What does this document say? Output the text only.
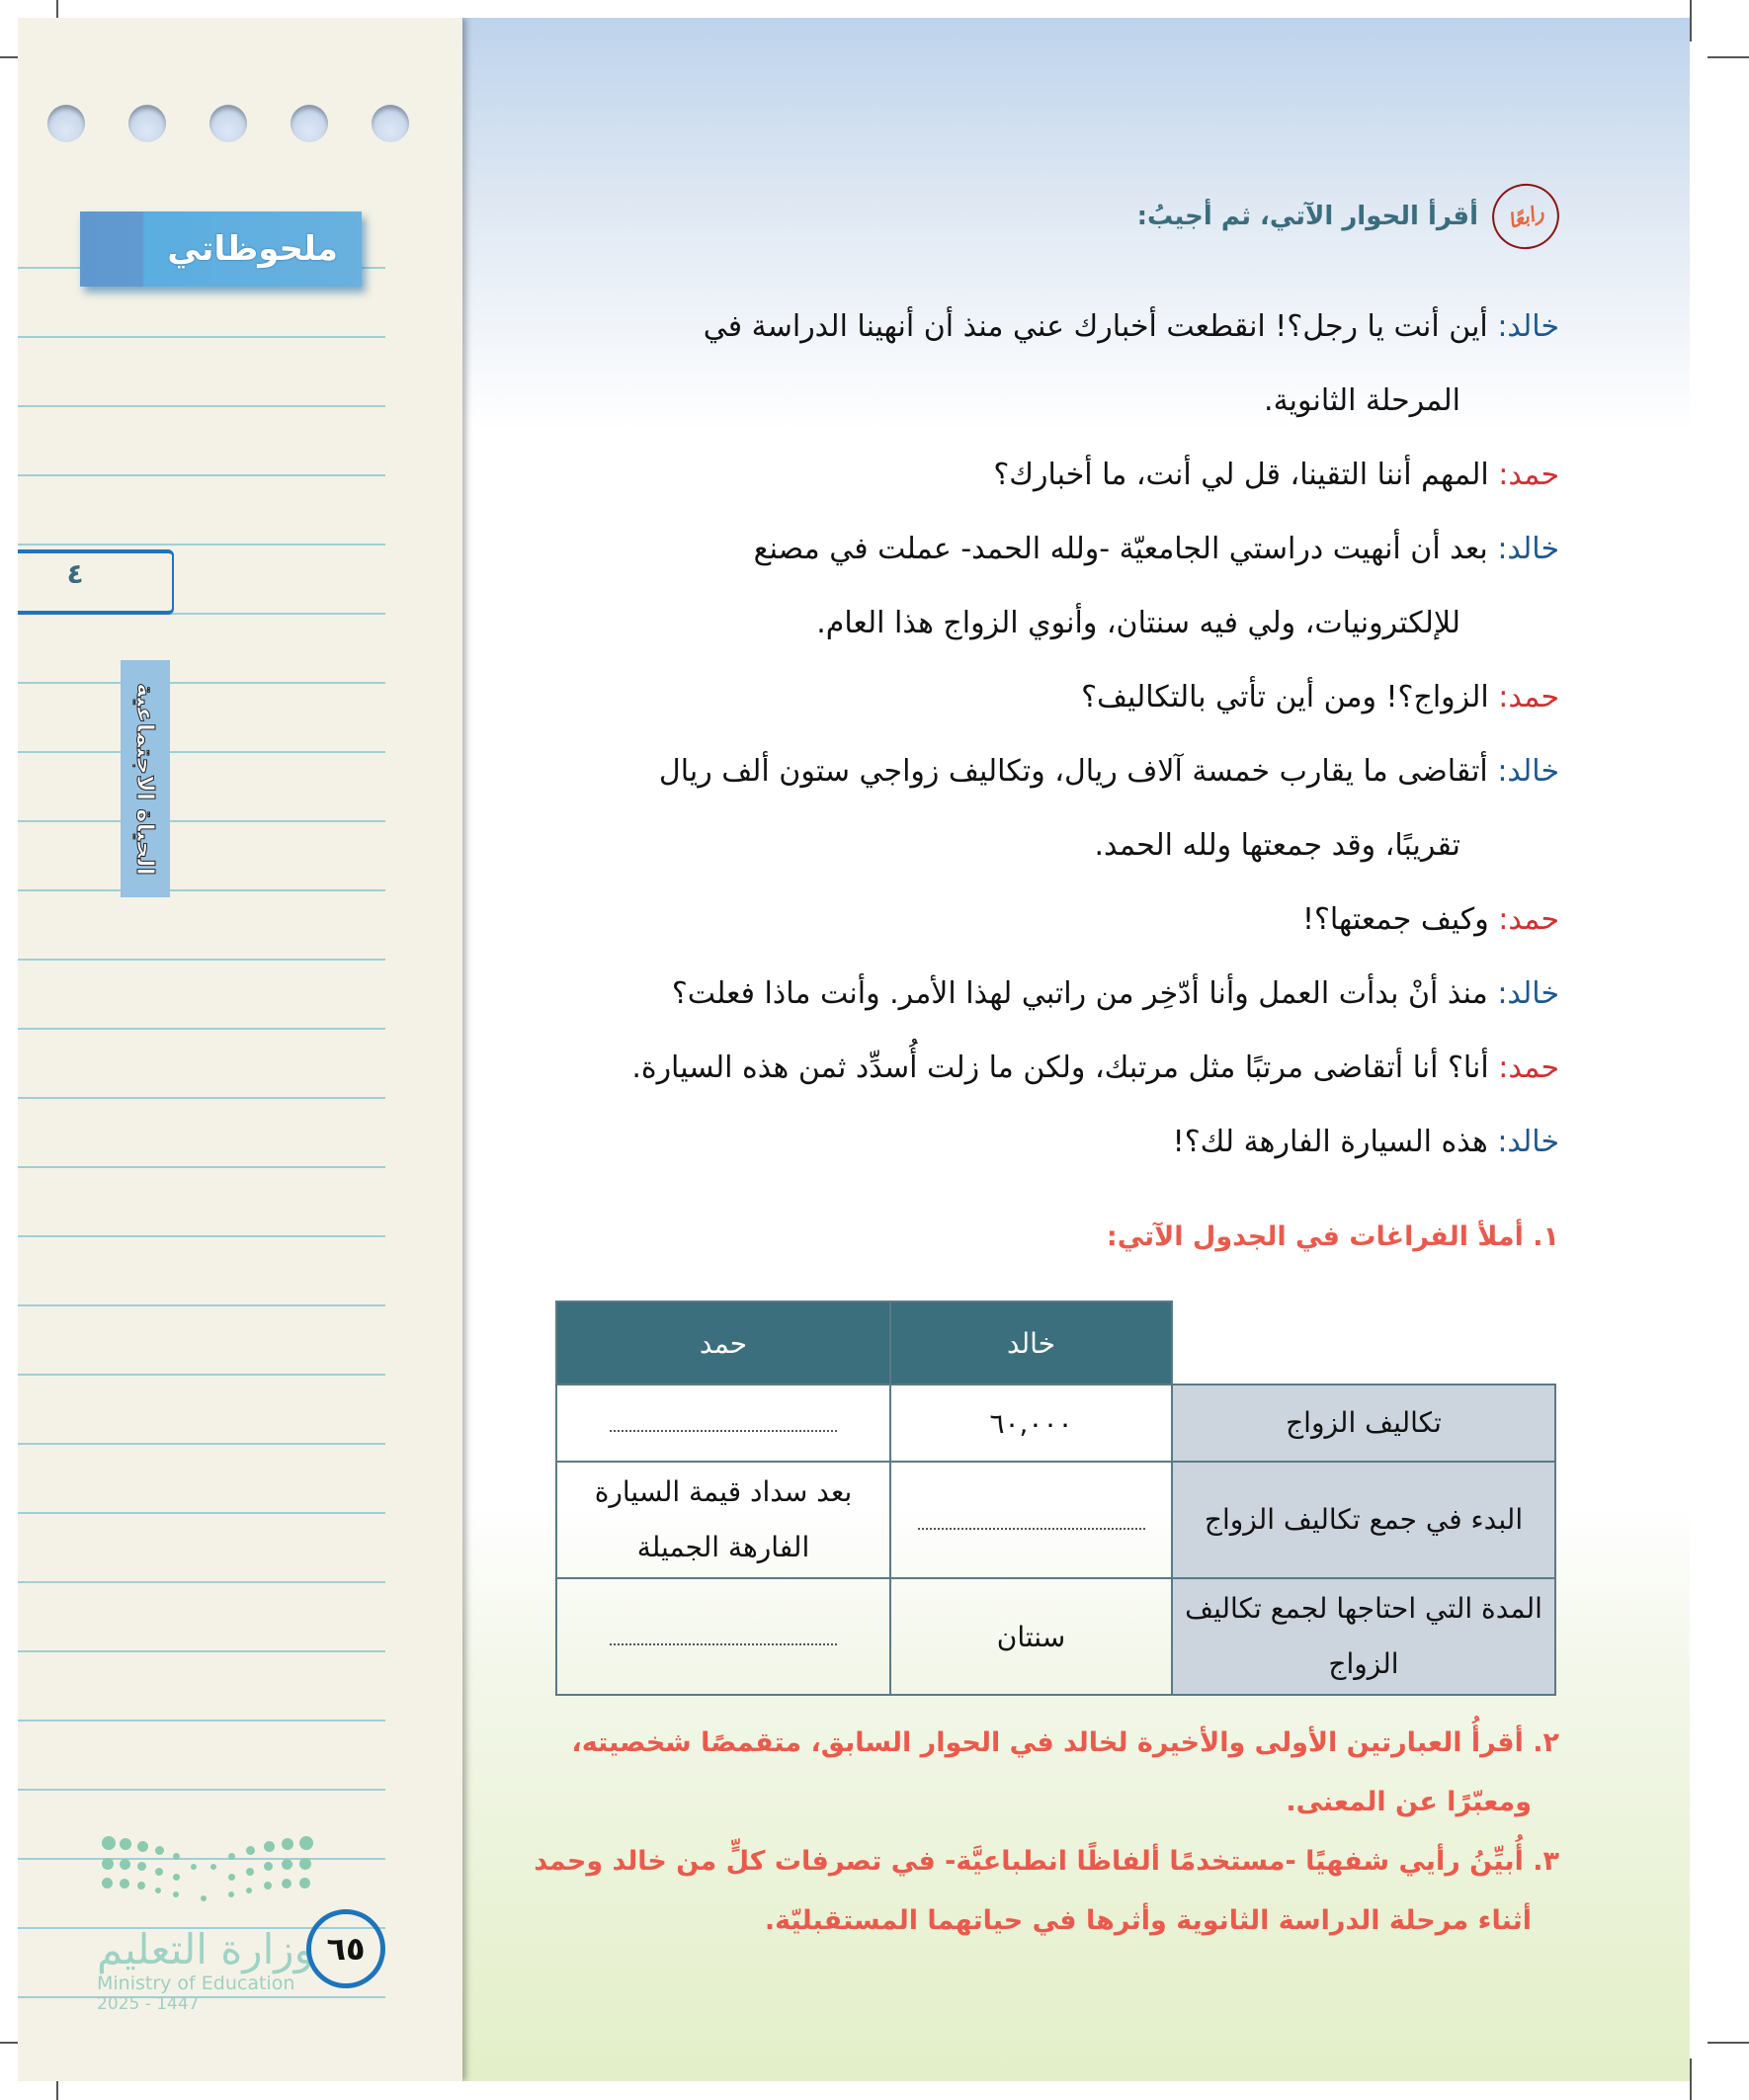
ملحوظاتي
٤
الحياة الاجتماعية
وزارة التعليم
Ministry of Education
2025 - 1447
٦٥
رابعًا
أقرأ الحوار الآتي، ثم أجيبُ:
خالد: أين أنت يا رجل؟! انقطعت أخبارك عني منذ أن أنهينا الدراسة في
المرحلة الثانوية.
حمد: المهم أننا التقينا، قل لي أنت، ما أخبارك؟
خالد: بعد أن أنهيت دراستي الجامعيّة -ولله الحمد- عملت في مصنع
للإلكترونيات، ولي فيه سنتان، وأنوي الزواج هذا العام.
حمد: الزواج؟! ومن أين تأتي بالتكاليف؟
خالد: أتقاضى ما يقارب خمسة آلاف ريال، وتكاليف زواجي ستون ألف ريال
تقريبًا، وقد جمعتها ولله الحمد.
حمد: وكيف جمعتها؟!
خالد: منذ أنْ بدأت العمل وأنا أدّخِر من راتبي لهذا الأمر. وأنت ماذا فعلت؟
حمد: أنا؟ أنا أتقاضى مرتبًا مثل مرتبك، ولكن ما زلت أُسدِّد ثمن هذه السيارة.
خالد: هذه السيارة الفارهة لك؟!
١. أملأ الفراغات في الجدول الآتي:
	خالد	حمد
تكاليف الزواج	٦٠,٠٠٠	
البدء في جمع تكاليف الزواج		بعد سداد قيمة السيارة الفارهة الجميلة
المدة التي احتاجها لجمع تكاليف الزواج	سنتان	
٢. أقرأُ العبارتين الأولى والأخيرة لخالد في الحوار السابق، متقمصًا شخصيته،
ومعبّرًا عن المعنى.
٣. أُبيِّنُ رأيي شفهيًا -مستخدمًا ألفاظًا انطباعيَّة- في تصرفات كلٍّ من خالد وحمد
أثناء مرحلة الدراسة الثانوية وأثرها في حياتهما المستقبليّة.
